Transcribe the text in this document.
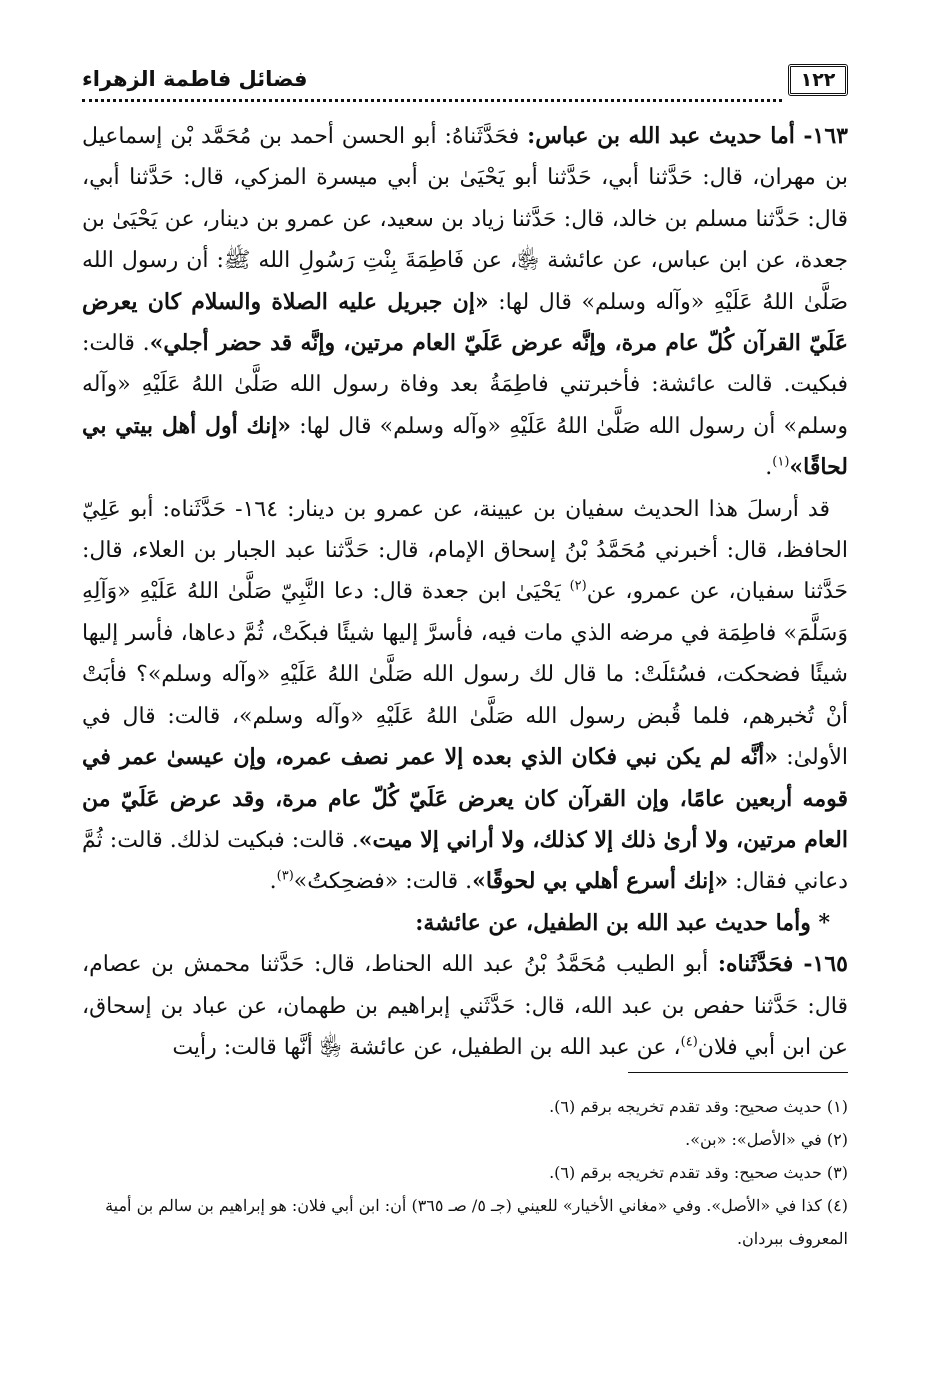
١٢٢
فضائل فاطمة الزهراء

١٦٣- أما حديث عبد الله بن عباس: فحَدَّثَناهُ: أبو الحسن أحمد بن مُحَمَّد بْن إسماعيل بن مهران، قال: حَدَّثنا أبي، حَدَّثنا أبو يَحْيَىٰ بن أبي ميسرة المزكي، قال: حَدَّثنا أبي، قال: حَدَّثنا مسلم بن خالد، قال: حَدَّثنا زياد بن سعيد، عن عمرو بن دينار، عن يَحْيَىٰ بن جعدة، عن ابن عباس، عن عائشة ﵂، عن فَاطِمَةَ بِنْتِ رَسُولِ الله ﷺ: أن رسول الله صَلَّىٰ اللهُ عَلَيْهِ «وآله وسلم» قال لها: «إن جبريل عليه الصلاة والسلام كان يعرض عَلَيّ القرآن كُلّ عام مرة، وإنَّه عرض عَلَيّ العام مرتين، وإنَّه قد حضر أجلي». قالت: فبكيت. قالت عائشة: فأخبرتني فاطِمَةُ بعد وفاة رسول الله صَلَّىٰ اللهُ عَلَيْهِ «وآله وسلم» أن رسول الله صَلَّىٰ اللهُ عَلَيْهِ «وآله وسلم» قال لها: «إنك أول أهل بيتي بي لحاقًا»$^{(١)}$.

قد أرسلَ هذا الحديث سفيان بن عيينة، عن عمرو بن دينار: ١٦٤- حَدَّثَناه: أبو عَلِيّ الحافظ، قال: أخبرني مُحَمَّدُ بْنُ إسحاق الإمام، قال: حَدَّثنا عبد الجبار بن العلاء، قال: حَدَّثنا سفيان، عن عمرو، عن$^{(٢)}$ يَحْيَىٰ ابن جعدة قال: دعا النَّبِيّ صَلَّىٰ اللهُ عَلَيْهِ «وَآلِهِ وَسَلَّمَ» فاطِمَة في مرضه الذي مات فيه، فأسرَّ إليها شيئًا فبكَتْ، ثُمَّ دعاها، فأسر إليها شيئًا فضحكت، فسُئلَتْ: ما قال لك رسول الله صَلَّىٰ اللهُ عَلَيْهِ «وآله وسلم»؟ فأبَتْ أنْ تُخبرهم، فلما قُبض رسول الله صَلَّىٰ اللهُ عَلَيْهِ «وآله وسلم»، قالت: قال في الأولىٰ: «أنَّه لم يكن نبي فكان الذي بعده إلا عمر نصف عمره، وإن عيسىٰ عمر في قومه أربعين عامًا، وإن القرآن كان يعرض عَلَيّ كُلّ عام مرة، وقد عرض عَلَيّ من العام مرتين، ولا أرىٰ ذلك إلا كذلك، ولا أراني إلا ميت». قالت: فبكيت لذلك. قالت: ثُمَّ دعاني فقال: «إنك أسرع أهلي بي لحوقًا». قالت: «فضحِكتُ»$^{(٣)}$.

* وأما حديث عبد الله بن الطفيل، عن عائشة:

١٦٥- فحَدَّثَناه: أبو الطيب مُحَمَّدُ بْنُ عبد الله الحناط، قال: حَدَّثنا محمش بن عصام، قال: حَدَّثنا حفص بن عبد الله، قال: حَدَّثَني إبراهيم بن طهمان، عن عباد بن إسحاق، عن ابن أبي فلان$^{(٤)}$، عن عبد الله بن الطفيل، عن عائشة ﵂ أنَّها قالت: رأيت

(١) حديث صحيح: وقد تقدم تخريجه برقم (٦).

(٢) في «الأصل»: «بن».

(٣) حديث صحيح: وقد تقدم تخريجه برقم (٦).

(٤) كذا في «الأصل». وفي «مغاني الأخيار» للعيني (جـ ٥/ صـ ٣٦٥) أن: ابن أبي فلان: هو إبراهيم بن سالم بن أمية
المعروف ببردان.
